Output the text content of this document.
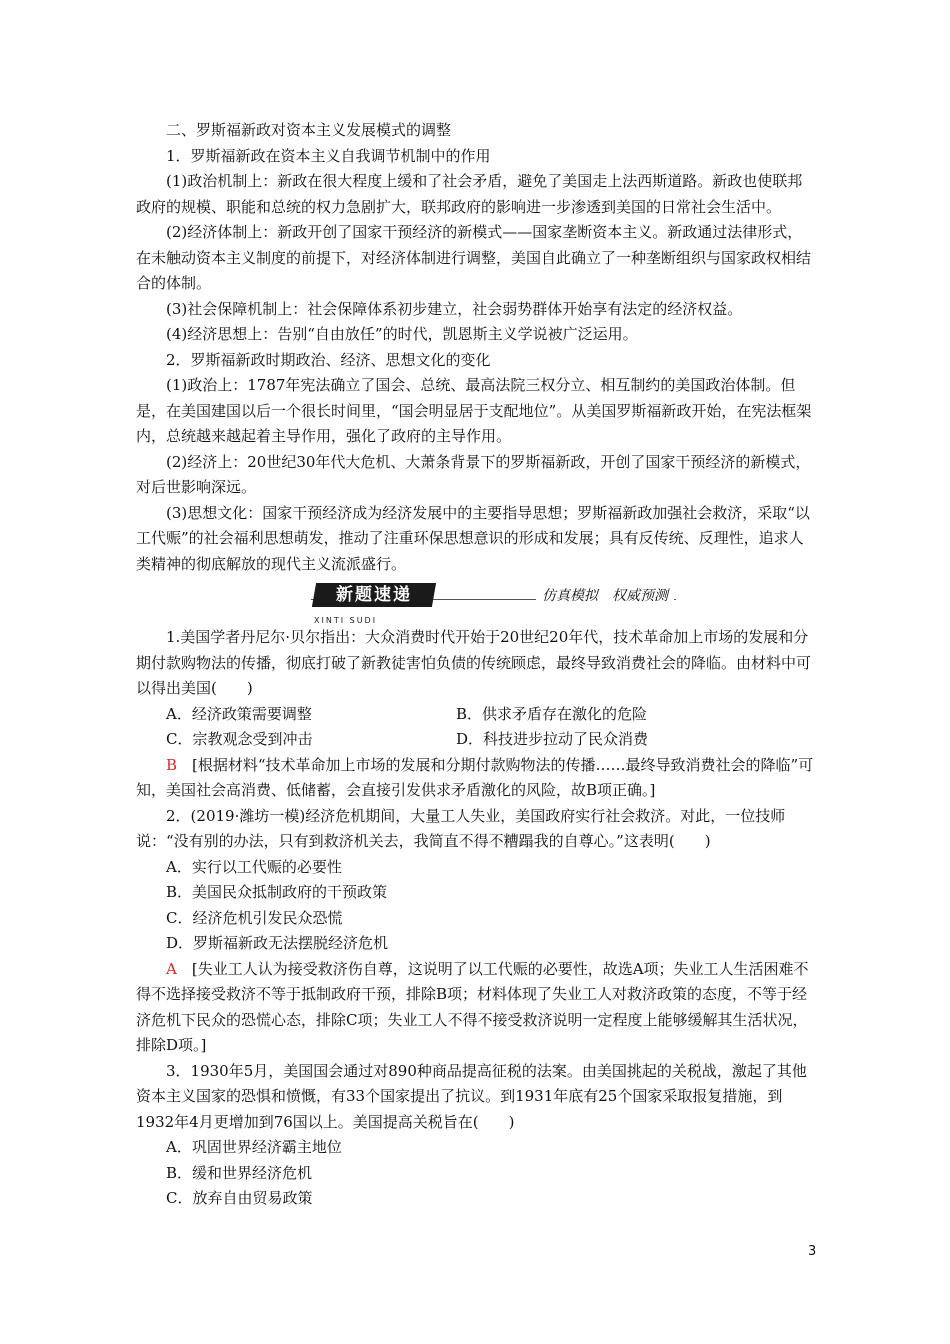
二、罗斯福新政对资本主义发展模式的调整

1．罗斯福新政在资本主义自我调节机制中的作用

(1)政治机制上：新政在很大程度上缓和了社会矛盾，避免了美国走上法西斯道路。新政也使联邦政府的规模、职能和总统的权力急剧扩大，联邦政府的影响进一步渗透到美国的日常社会生活中。

(2)经济体制上：新政开创了国家干预经济的新模式——国家垄断资本主义。新政通过法律形式，在未触动资本主义制度的前提下，对经济体制进行调整，美国自此确立了一种垄断组织与国家政权相结合的体制。

(3)社会保障机制上：社会保障体系初步建立，社会弱势群体开始享有法定的经济权益。

(4)经济思想上：告别“自由放任”的时代，凯恩斯主义学说被广泛运用。

2．罗斯福新政时期政治、经济、思想文化的变化

(1)政治上：1787年宪法确立了国会、总统、最高法院三权分立、相互制约的美国政治体制。但是，在美国建国以后一个很长时间里，“国会明显居于支配地位”。从美国罗斯福新政开始，在宪法框架内，总统越来越起着主导作用，强化了政府的主导作用。

(2)经济上：20世纪30年代大危机、大萧条背景下的罗斯福新政，开创了国家干预经济的新模式，对后世影响深远。

(3)思想文化：国家干预经济成为经济发展中的主要指导思想；罗斯福新政加强社会救济，采取“以工代赈”的社会福利思想萌发，推动了注重环保思想意识的形成和发展；具有反传统、反理性，追求人类精神的彻底解放的现代主义流派盛行。

新题速递
XINTI SUDI
仿真模拟　权威预测

1.美国学者丹尼尔·贝尔指出：大众消费时代开始于20世纪20年代，技术革命加上市场的发展和分期付款购物法的传播，彻底打破了新教徒害怕负债的传统顾虑，最终导致消费社会的降临。由材料中可以得出美国(　　)

A．经济政策需要调整	B．供求矛盾存在激化的危险
C．宗教观念受到冲击	D．科技进步拉动了民众消费

B　[根据材料“技术革命加上市场的发展和分期付款购物法的传播……最终导致消费社会的降临”可知，美国社会高消费、低储蓄，会直接引发供求矛盾激化的风险，故B项正确。]

2．(2019·潍坊一模)经济危机期间，大量工人失业，美国政府实行社会救济。对此，一位技师说：“没有别的办法，只有到救济机关去，我简直不得不糟蹋我的自尊心。”这表明(　　)

A．实行以工代赈的必要性

B．美国民众抵制政府的干预政策

C．经济危机引发民众恐慌

D．罗斯福新政无法摆脱经济危机

A　[失业工人认为接受救济伤自尊，这说明了以工代赈的必要性，故选A项；失业工人生活困难不得不选择接受救济不等于抵制政府干预，排除B项；材料体现了失业工人对救济政策的态度，不等于经济危机下民众的恐慌心态，排除C项；失业工人不得不接受救济说明一定程度上能够缓解其生活状况，排除D项。]

3．1930年5月，美国国会通过对890种商品提高征税的法案。由美国挑起的关税战，激起了其他资本主义国家的恐惧和愤慨，有33个国家提出了抗议。到1931年底有25个国家采取报复措施，到1932年4月更增加到76国以上。美国提高关税旨在(　　)

A．巩固世界经济霸主地位

B．缓和世界经济危机

C．放弃自由贸易政策

3
